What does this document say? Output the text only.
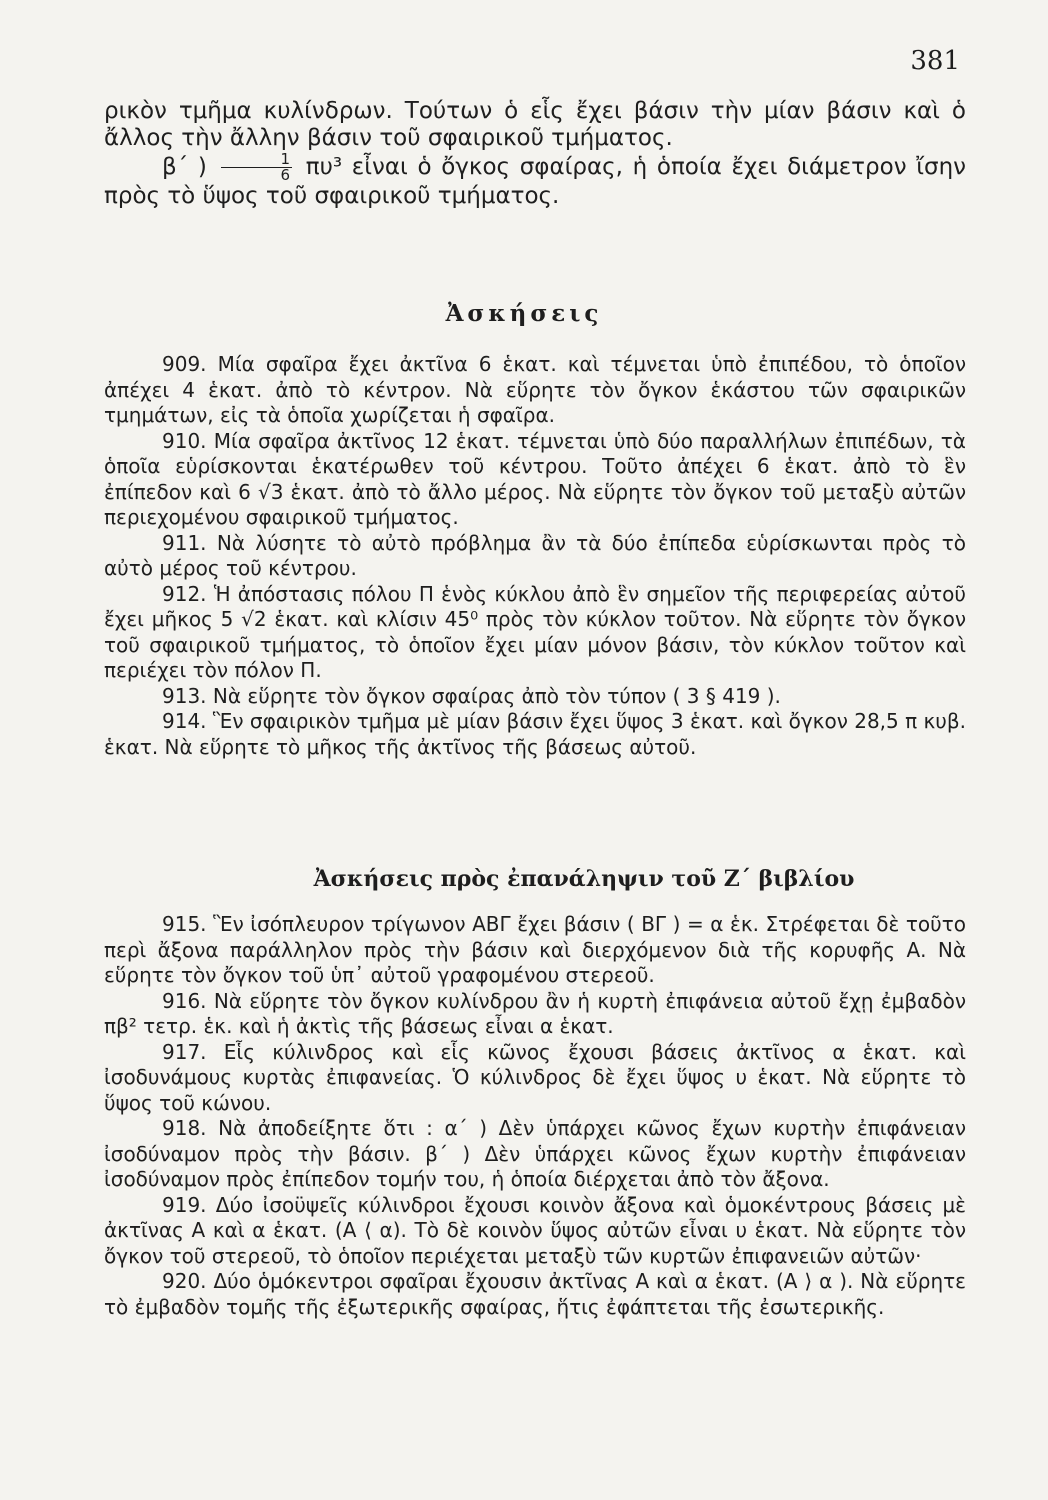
381

ρικὸν τμῆμα κυλίνδρων. Τούτων ὁ εἷς ἔχει βάσιν τὴν μίαν βάσιν καὶ ὁ ἄλλος τὴν ἄλλην βάσιν τοῦ σφαιρικοῦ τμήματος.

β΄ ) $\frac{1}{6} \pi\upsilon^3$ εἶναι ὁ ὄγκος σφαίρας, ἡ ὁποία ἔχει διάμετρον ἴσην πρὸς τὸ ὕψος τοῦ σφαιρικοῦ τμήματος.

Ἀσκήσεις

909. Μία σφαῖρα ἔχει ἀκτῖνα 6 ἑκατ. καὶ τέμνεται ὑπὸ ἐπιπέδου, τὸ ὁποῖον ἀπέχει 4 ἑκατ. ἀπὸ τὸ κέντρον. Νὰ εὕρητε τὸν ὄγκον ἑκάστου τῶν σφαιρικῶν τμημάτων, εἰς τὰ ὁποῖα χωρίζεται ἡ σφαῖρα.

910. Μία σφαῖρα ἀκτῖνος 12 ἑκατ. τέμνεται ὑπὸ δύο παραλλήλων ἐπιπέδων, τὰ ὁποῖα εὑρίσκονται ἑκατέρωθεν τοῦ κέντρου. Τοῦτο ἀπέχει 6 ἑκατ. ἀπὸ τὸ ἓν ἐπίπεδον καὶ 6 √3 ἑκατ. ἀπὸ τὸ ἄλλο μέρος. Νὰ εὕρητε τὸν ὄγκον τοῦ μεταξὺ αὐτῶν περιεχομένου σφαιρικοῦ τμήματος.

911. Νὰ λύσητε τὸ αὐτὸ πρόβλημα ἂν τὰ δύο ἐπίπεδα εὑρίσκωνται πρὸς τὸ αὐτὸ μέρος τοῦ κέντρου.

912. Ἡ ἀπόστασις πόλου Π ἑνὸς κύκλου ἀπὸ ἓν σημεῖον τῆς περιφερείας αὐτοῦ ἔχει μῆκος 5 √2 ἑκατ. καὶ κλίσιν 45⁰ πρὸς τὸν κύκλον τοῦτον. Νὰ εὕρητε τὸν ὄγκον τοῦ σφαιρικοῦ τμήματος, τὸ ὁποῖον ἔχει μίαν μόνον βάσιν, τὸν κύκλον τοῦτον καὶ περιέχει τὸν πόλον Π.

913. Νὰ εὕρητε τὸν ὄγκον σφαίρας ἀπὸ τὸν τύπον ( 3 § 419 ).

914. Ἓν σφαιρικὸν τμῆμα μὲ μίαν βάσιν ἔχει ὕψος 3 ἑκατ. καὶ ὄγκον 28,5 π κυβ. ἑκατ. Νὰ εὕρητε τὸ μῆκος τῆς ἀκτῖνος τῆς βάσεως αὐτοῦ.

Ἀσκήσεις πρὸς ἐπανάληψιν τοῦ Ζ΄ βιβλίου

915. Ἓν ἰσόπλευρον τρίγωνον ΑΒΓ ἔχει βάσιν ( ΒΓ ) = α ἑκ. Στρέφεται δὲ τοῦτο περὶ ἄξονα παράλληλον πρὸς τὴν βάσιν καὶ διερχόμενον διὰ τῆς κορυφῆς Α. Νὰ εὕρητε τὸν ὄγκον τοῦ ὑπ᾽ αὐτοῦ γραφομένου στερεοῦ.

916. Νὰ εὕρητε τὸν ὄγκον κυλίνδρου ἂν ἡ κυρτὴ ἐπιφάνεια αὐτοῦ ἔχῃ ἐμβαδὸν πβ² τετρ. ἑκ. καὶ ἡ ἀκτὶς τῆς βάσεως εἶναι α ἑκατ.

917. Εἷς κύλινδρος καὶ εἷς κῶνος ἔχουσι βάσεις ἀκτῖνος α ἑκατ. καὶ ἰσοδυνάμους κυρτὰς ἐπιφανείας. Ὁ κύλινδρος δὲ ἔχει ὕψος υ ἑκατ. Νὰ εὕρητε τὸ ὕψος τοῦ κώνου.

918. Νὰ ἀποδείξητε ὅτι : α΄ ) Δὲν ὑπάρχει κῶνος ἔχων κυρτὴν ἐπιφάνειαν ἰσοδύναμον πρὸς τὴν βάσιν. β΄ ) Δὲν ὑπάρχει κῶνος ἔχων κυρτὴν ἐπιφάνειαν ἰσοδύναμον πρὸς ἐπίπεδον τομήν του, ἡ ὁποία διέρχεται ἀπὸ τὸν ἄξονα.

919. Δύο ἰσοϋψεῖς κύλινδροι ἔχουσι κοινὸν ἄξονα καὶ ὁμοκέντρους βάσεις μὲ ἀκτῖνας Α καὶ α ἑκατ. (Α ⟨ α). Τὸ δὲ κοινὸν ὕψος αὐτῶν εἶναι υ ἑκατ. Νὰ εὕρητε τὸν ὄγκον τοῦ στερεοῦ, τὸ ὁποῖον περιέχεται μεταξὺ τῶν κυρτῶν ἐπιφανειῶν αὐτῶν·

920. Δύο ὁμόκεντροι σφαῖραι ἔχουσιν ἀκτῖνας Α καὶ α ἑκατ. (Α ⟩ α ). Νὰ εὕρητε τὸ ἐμβαδὸν τομῆς τῆς ἐξωτερικῆς σφαίρας, ἥτις ἐφάπτεται τῆς ἐσωτερικῆς.
